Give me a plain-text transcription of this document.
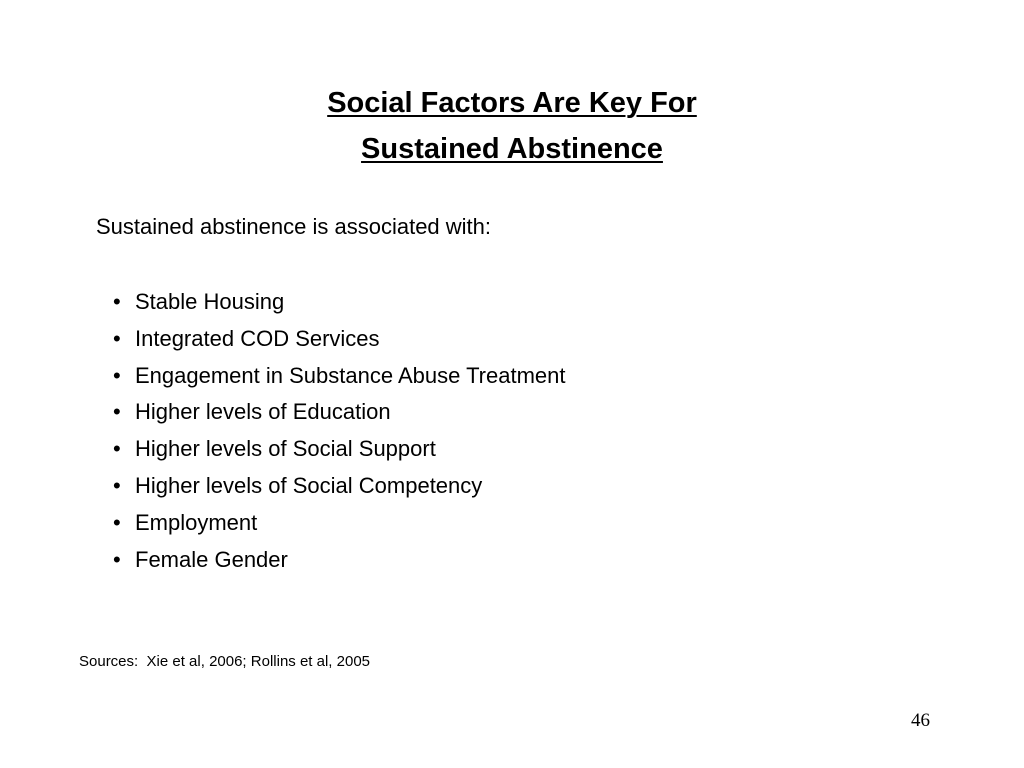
Social Factors Are Key For
Sustained Abstinence
Sustained abstinence is associated with:
• Stable Housing
• Integrated COD Services
• Engagement in Substance Abuse Treatment
• Higher levels of Education
• Higher levels of Social Support
• Higher levels of Social Competency
• Employment
• Female Gender
Sources:  Xie et al, 2006; Rollins et al, 2005
46
